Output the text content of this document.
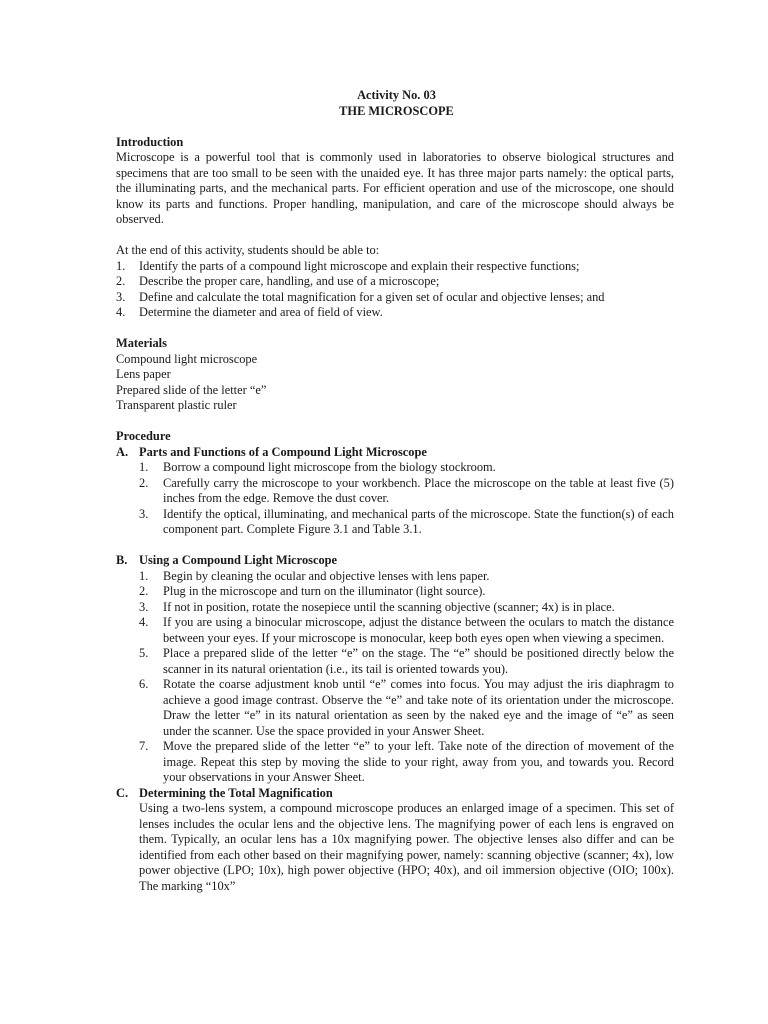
Activity No. 03
THE MICROSCOPE
Introduction
Microscope is a powerful tool that is commonly used in laboratories to observe biological structures and specimens that are too small to be seen with the unaided eye. It has three major parts namely: the optical parts, the illuminating parts, and the mechanical parts. For efficient operation and use of the microscope, one should know its parts and functions. Proper handling, manipulation, and care of the microscope should always be observed.
At the end of this activity, students should be able to:
1.	Identify the parts of a compound light microscope and explain their respective functions;
2.	Describe the proper care, handling, and use of a microscope;
3.	Define and calculate the total magnification for a given set of ocular and objective lenses; and
4.	Determine the diameter and area of field of view.
Materials
Compound light microscope
Lens paper
Prepared slide of the letter “e”
Transparent plastic ruler
Procedure
A. Parts and Functions of a Compound Light Microscope
1.	Borrow a compound light microscope from the biology stockroom.
2.	Carefully carry the microscope to your workbench. Place the microscope on the table at least five (5) inches from the edge. Remove the dust cover.
3.	Identify the optical, illuminating, and mechanical parts of the microscope. State the function(s) of each component part. Complete Figure 3.1 and Table 3.1.
B. Using a Compound Light Microscope
1.	Begin by cleaning the ocular and objective lenses with lens paper.
2.	Plug in the microscope and turn on the illuminator (light source).
3.	If not in position, rotate the nosepiece until the scanning objective (scanner; 4x) is in place.
4.	If you are using a binocular microscope, adjust the distance between the oculars to match the distance between your eyes. If your microscope is monocular, keep both eyes open when viewing a specimen.
5.	Place a prepared slide of the letter “e” on the stage. The “e” should be positioned directly below the scanner in its natural orientation (i.e., its tail is oriented towards you).
6.	Rotate the coarse adjustment knob until “e” comes into focus. You may adjust the iris diaphragm to achieve a good image contrast. Observe the “e” and take note of its orientation under the microscope. Draw the letter “e” in its natural orientation as seen by the naked eye and the image of “e” as seen under the scanner. Use the space provided in your Answer Sheet.
7.	Move the prepared slide of the letter “e” to your left. Take note of the direction of movement of the image. Repeat this step by moving the slide to your right, away from you, and towards you. Record your observations in your Answer Sheet.
C. Determining the Total Magnification
Using a two-lens system, a compound microscope produces an enlarged image of a specimen. This set of lenses includes the ocular lens and the objective lens. The magnifying power of each lens is engraved on them. Typically, an ocular lens has a 10x magnifying power. The objective lenses also differ and can be identified from each other based on their magnifying power, namely: scanning objective (scanner; 4x), low power objective (LPO; 10x), high power objective (HPO; 40x), and oil immersion objective (OIO; 100x). The marking “10x”
